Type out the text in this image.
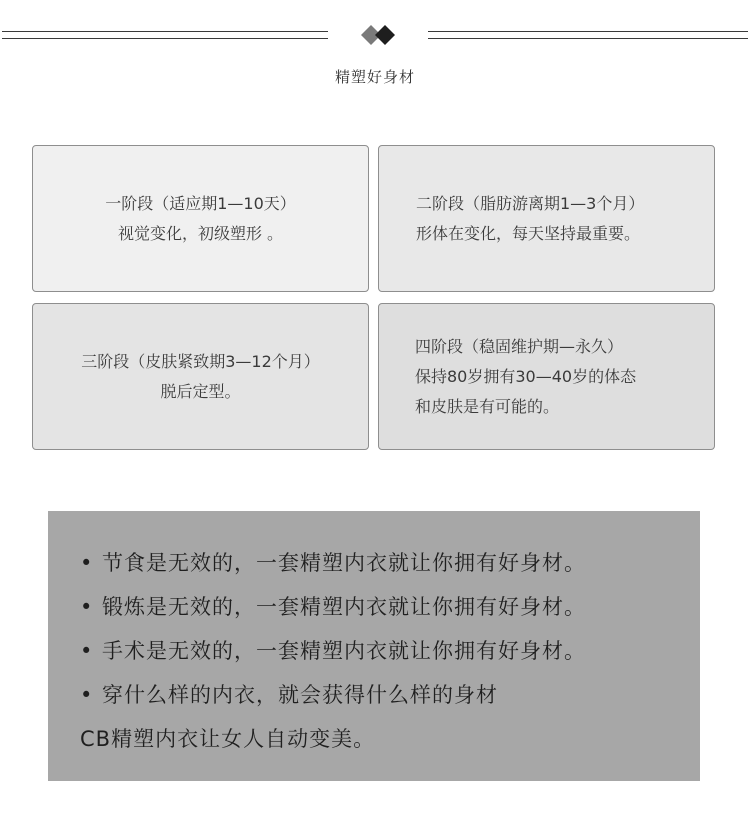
精塑好身材
一阶段（适应期1—10天）
视觉变化，初级塑形 。
二阶段（脂肪游离期1—3个月）
形体在变化，每天坚持最重要。
三阶段（皮肤紧致期3—12个月）
脱后定型。
四阶段（稳固维护期—永久）
保持80岁拥有30—40岁的体态
和皮肤是有可能的。
• 节食是无效的，一套精塑内衣就让你拥有好身材。
• 锻炼是无效的，一套精塑内衣就让你拥有好身材。
• 手术是无效的，一套精塑内衣就让你拥有好身材。
• 穿什么样的内衣，就会获得什么样的身材
CB精塑内衣让女人自动变美。
